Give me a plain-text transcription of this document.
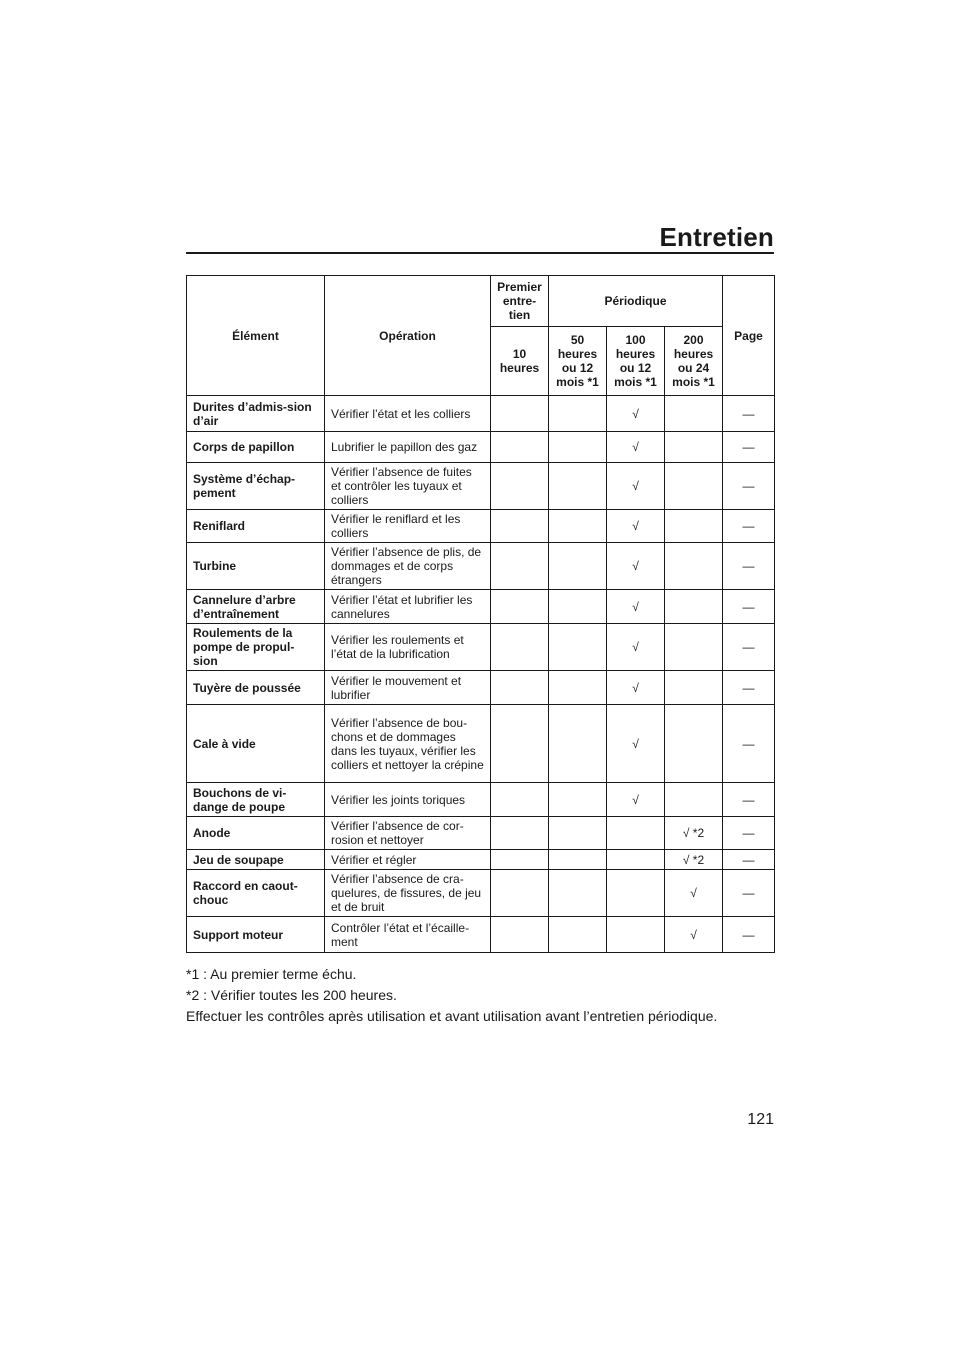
Entretien
Élément	Opération	Premier entre-tien	Périodique			Page
		10 heures	50 heures ou 12 mois *1	100 heures ou 12 mois *1	200 heures ou 24 mois *1	
Durites d’admis-sion d’air	Vérifier l’état et les colliers			√		—
Corps de papillon	Lubrifier le papillon des gaz			√		—
Système d’échap-pement	Vérifier l’absence de fuites et contrôler les tuyaux et colliers			√		—
Reniflard	Vérifier le reniflard et les colliers			√		—
Turbine	Vérifier l’absence de plis, de dommages et de corps étrangers			√		—
Cannelure d’arbre d’entraînement	Vérifier l’état et lubrifier les cannelures			√		—
Roulements de la pompe de propul-sion	Vérifier les roulements et l’état de la lubrification			√		—
Tuyère de poussée	Vérifier le mouvement et lubrifier			√		—
Cale à vide	Vérifier l’absence de bou-chons et de dommages dans les tuyaux, vérifier les colliers et nettoyer la crépine			√		—
Bouchons de vi-dange de poupe	Vérifier les joints toriques			√		—
Anode	Vérifier l’absence de cor-rosion et nettoyer				√ *2	—
Jeu de soupape	Vérifier et régler				√ *2	—
Raccord en caout-chouc	Vérifier l’absence de cra-quelures, de fissures, de jeu et de bruit				√	—
Support moteur	Contrôler l’état et l’écaille-ment				√	—
*1 : Au premier terme échu.
*2 : Vérifier toutes les 200 heures.
Effectuer les contrôles après utilisation et avant utilisation avant l’entretien périodique.
121
